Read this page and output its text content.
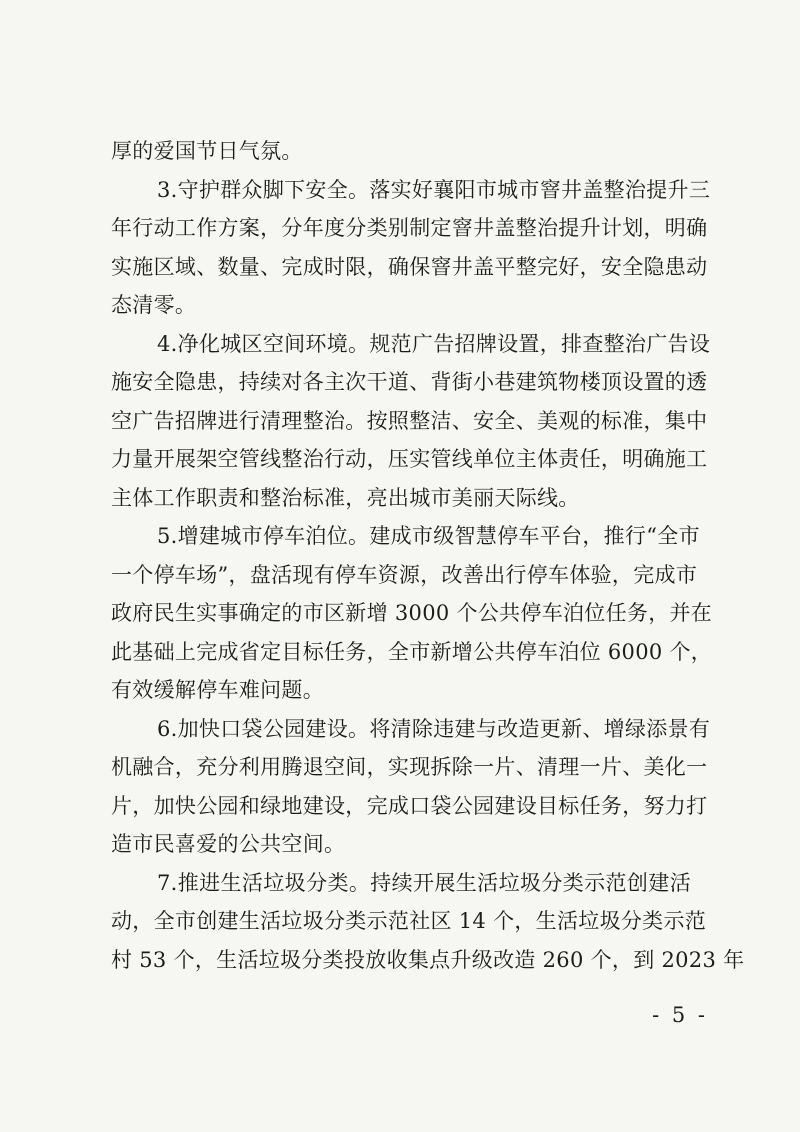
厚的爱国节日气氛。
3.守护群众脚下安全。落实好襄阳市城市窨井盖整治提升三
年行动工作方案，分年度分类别制定窨井盖整治提升计划，明确
实施区域、数量、完成时限，确保窨井盖平整完好，安全隐患动
态清零。
4.净化城区空间环境。规范广告招牌设置，排查整治广告设
施安全隐患，持续对各主次干道、背街小巷建筑物楼顶设置的透
空广告招牌进行清理整治。按照整洁、安全、美观的标准，集中
力量开展架空管线整治行动，压实管线单位主体责任，明确施工
主体工作职责和整治标准，亮出城市美丽天际线。
5.增建城市停车泊位。建成市级智慧停车平台，推行“全市
一个停车场”，盘活现有停车资源，改善出行停车体验，完成市
政府民生实事确定的市区新增 3000 个公共停车泊位任务，并在
此基础上完成省定目标任务，全市新增公共停车泊位 6000 个，
有效缓解停车难问题。
6.加快口袋公园建设。将清除违建与改造更新、增绿添景有
机融合，充分利用腾退空间，实现拆除一片、清理一片、美化一
片，加快公园和绿地建设，完成口袋公园建设目标任务，努力打
造市民喜爱的公共空间。
7.推进生活垃圾分类。持续开展生活垃圾分类示范创建活
动，全市创建生活垃圾分类示范社区 14 个，生活垃圾分类示范
村 53 个，生活垃圾分类投放收集点升级改造 260 个，到 2023 年
- 5 -
